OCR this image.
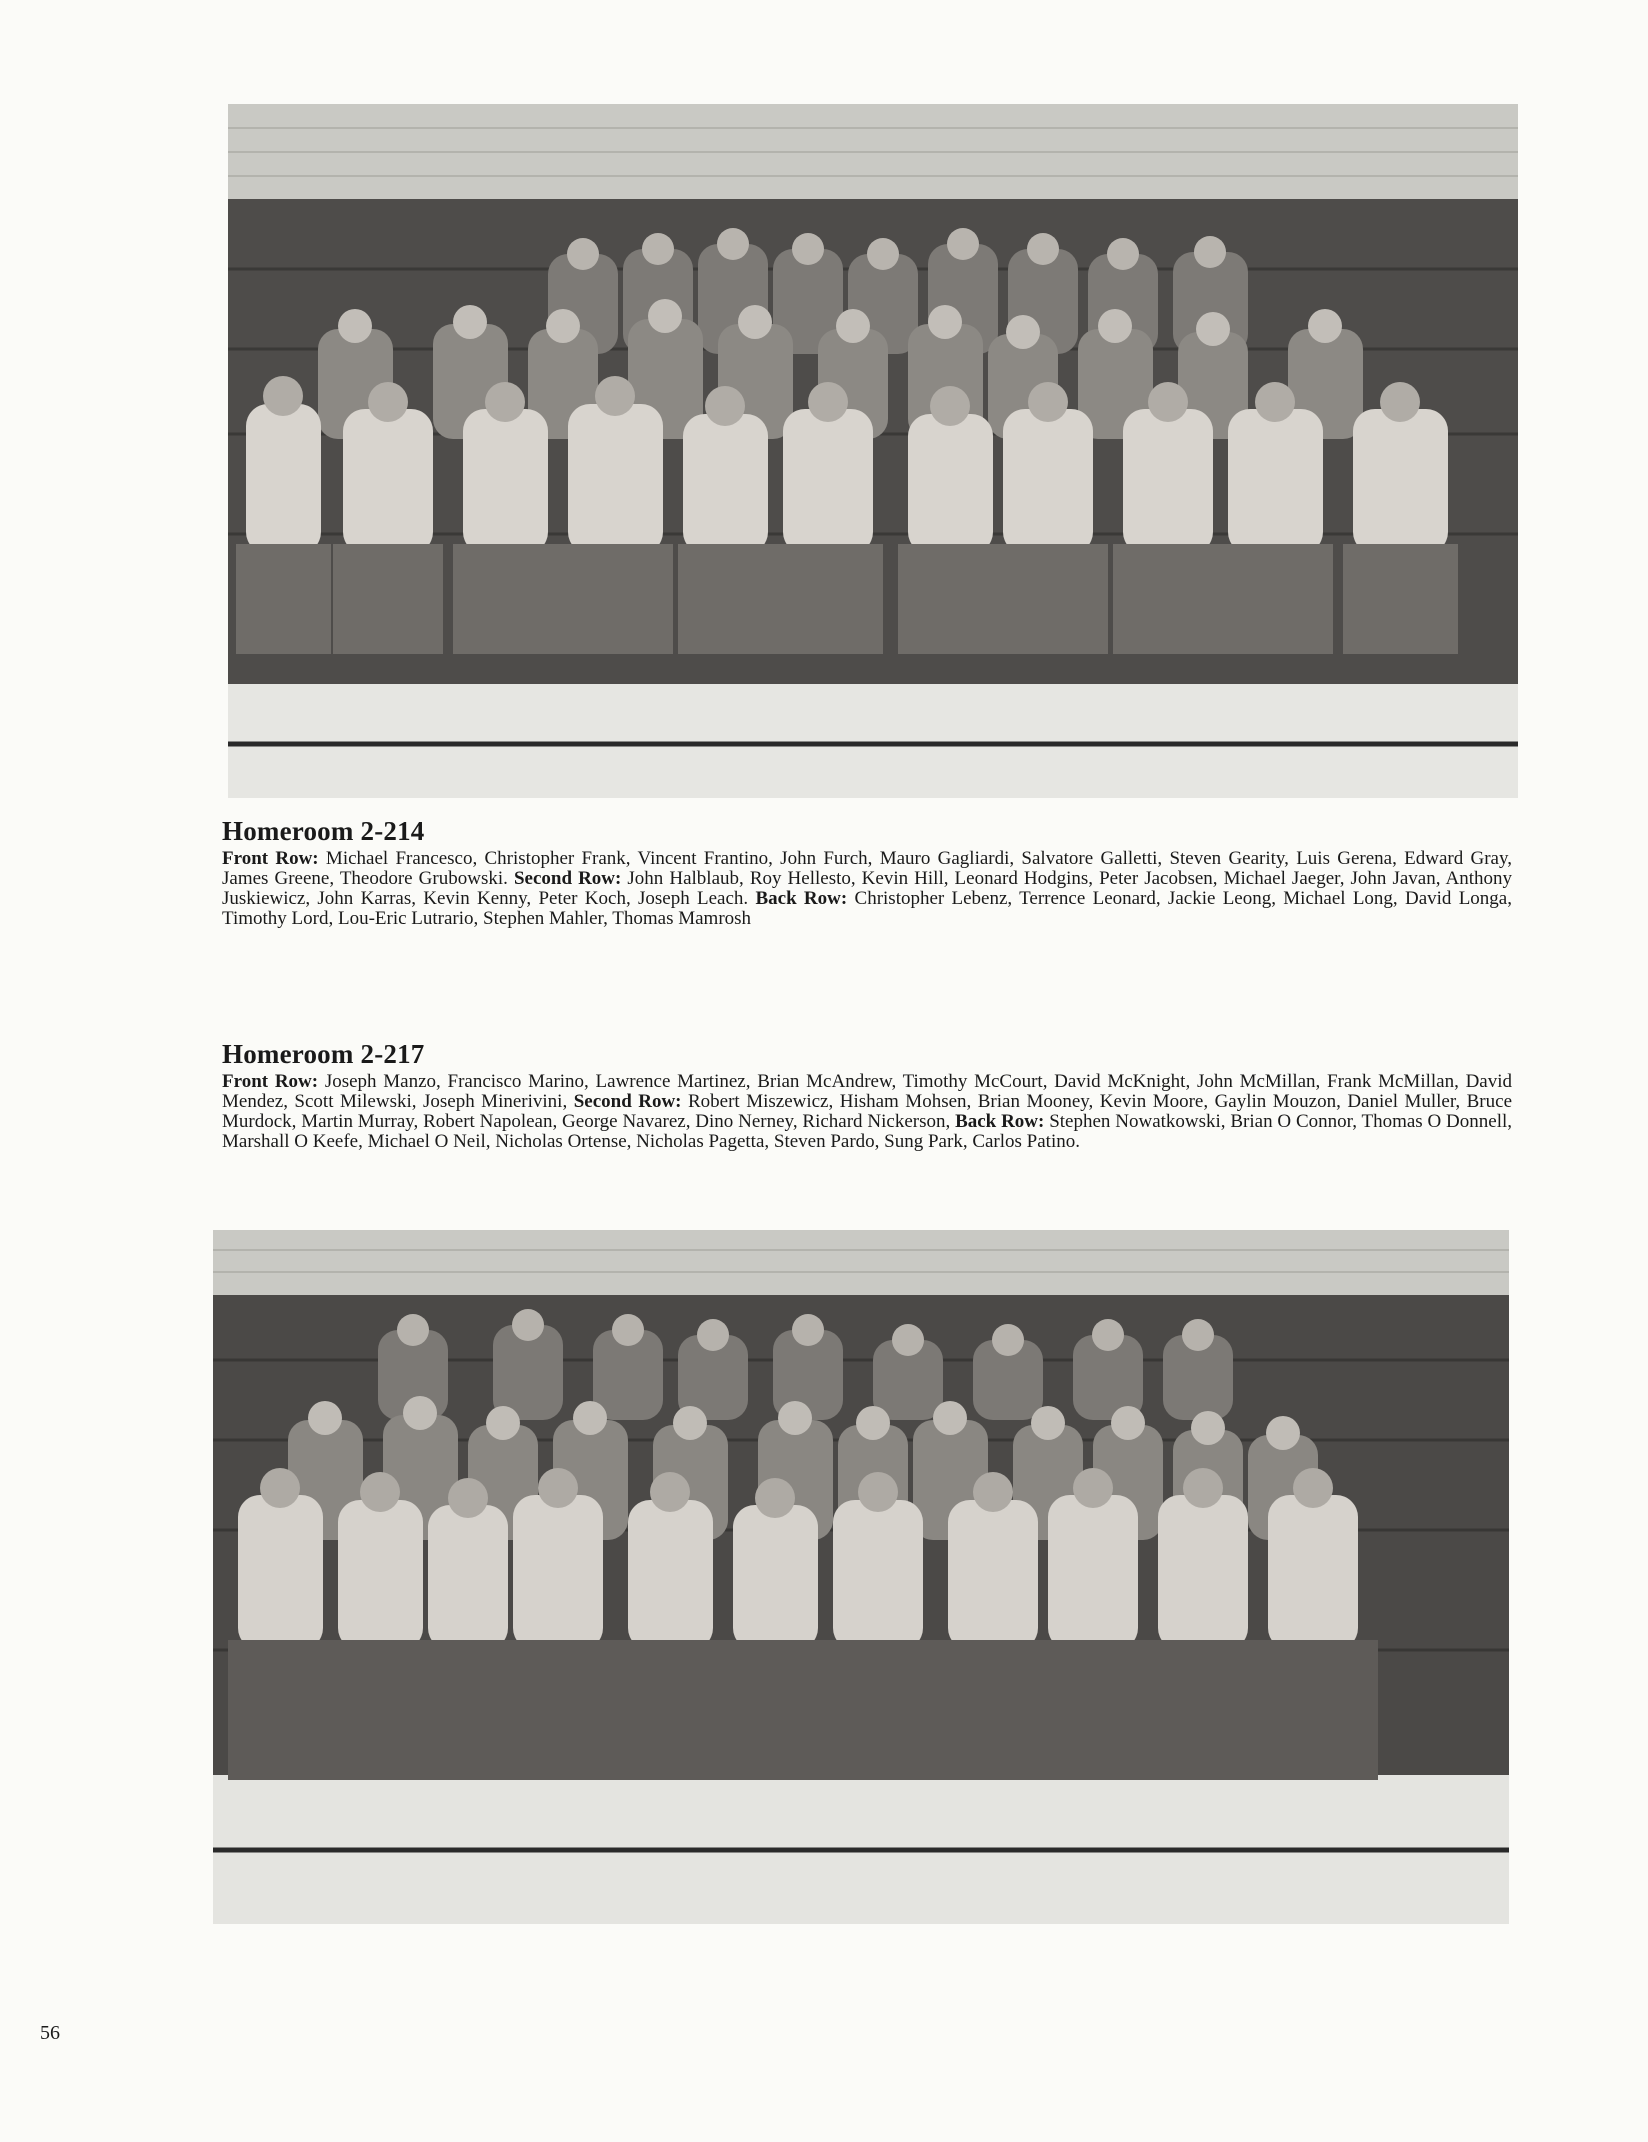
Homeroom 2-214

Front Row: Michael Francesco, Christopher Frank, Vincent Frantino, John Furch, Mauro Gagliardi, Salvatore Galletti, Steven Gearity, Luis Gerena, Edward Gray, James Greene, Theodore Grubowski. Second Row: John Halblaub, Roy Hellesto, Kevin Hill, Leonard Hodgins, Peter Jacobsen, Michael Jaeger, John Javan, Anthony Juskiewicz, John Karras, Kevin Kenny, Peter Koch, Joseph Leach. Back Row: Christopher Lebenz, Terrence Leonard, Jackie Leong, Michael Long, David Longa, Timothy Lord, Lou-Eric Lutrario, Stephen Mahler, Thomas Mamrosh

Homeroom 2-217

Front Row: Joseph Manzo, Francisco Marino, Lawrence Martinez, Brian McAndrew, Timothy McCourt, David McKnight, John McMillan, Frank McMillan, David Mendez, Scott Milewski, Joseph Minerivini, Second Row: Robert Miszewicz, Hisham Mohsen, Brian Mooney, Kevin Moore, Gaylin Mouzon, Daniel Muller, Bruce Murdock, Martin Murray, Robert Napolean, George Navarez, Dino Nerney, Richard Nickerson, Back Row: Stephen Nowatkowski, Brian O Connor, Thomas O Donnell, Marshall O Keefe, Michael O Neil, Nicholas Ortense, Nicholas Pagetta, Steven Pardo, Sung Park, Carlos Patino.

56
